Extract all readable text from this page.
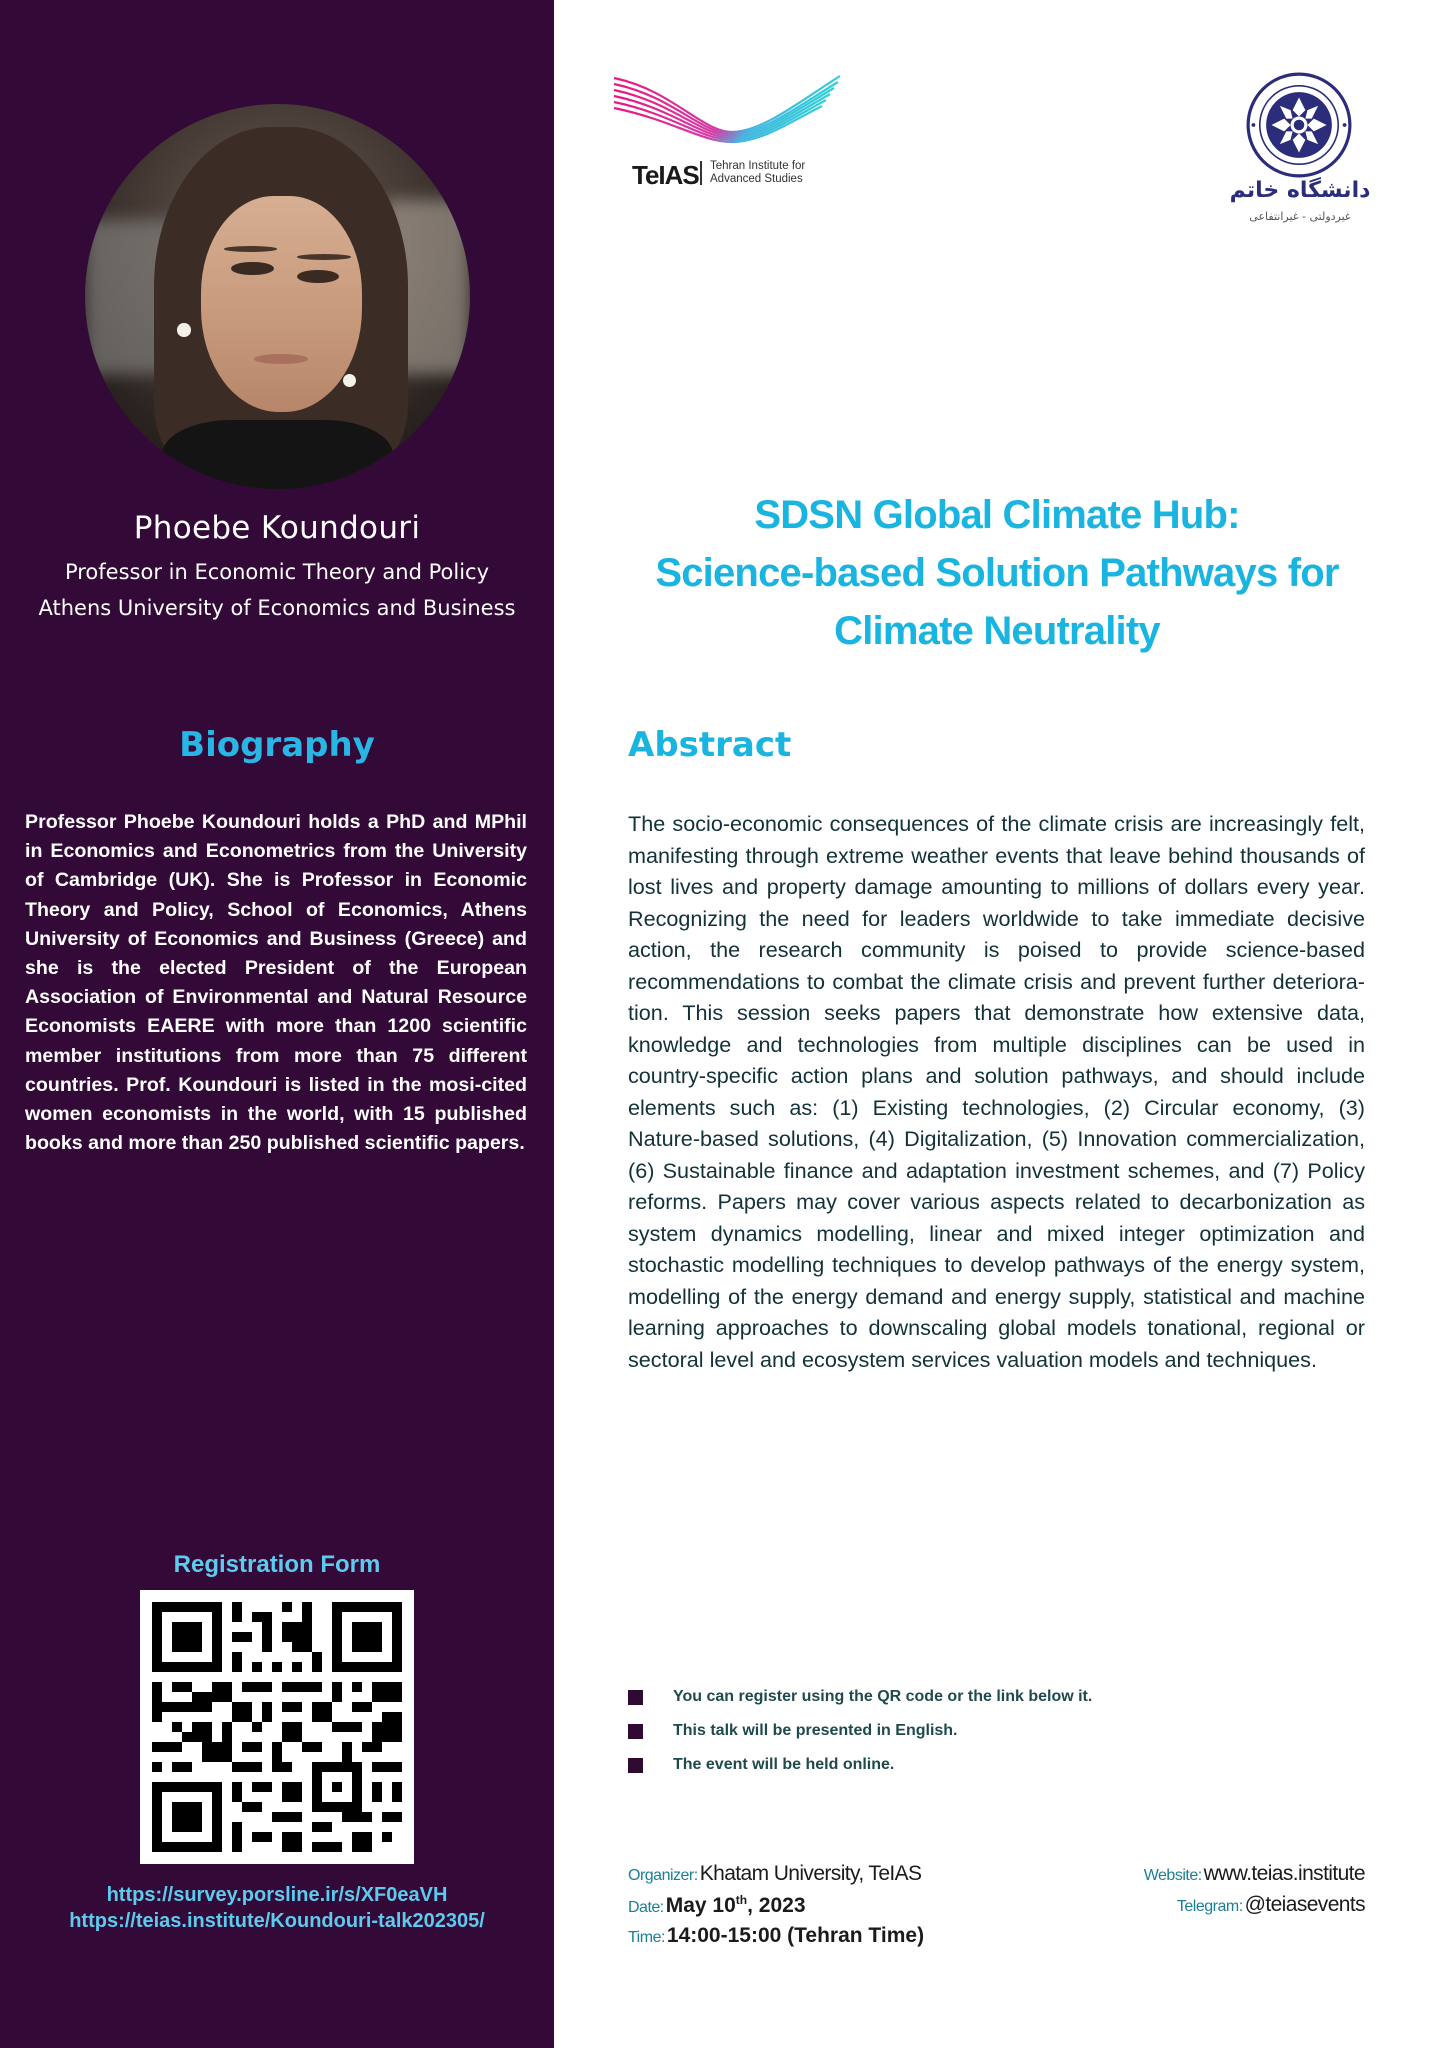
Phoebe Koundouri
Professor in Economic Theory and Policy
Athens University of Economics and Business
Biography

Professor Phoebe Koundouri holds a PhD and MPhil in Economics and Econometrics from the University of Cambridge (UK). She is Professor in Economic Theory and Policy, School of Economics, Athens University of Economics and Business (Greece) and she is the elected President of the European Association of Environmental and Natural Resource Economists EAERE with more than 1200 scientific member institutions from more than 75 different countries. Prof. Koundouri is listed in the mosi-cited women economists in the world, with 15 published books and more than 250 published scientific papers.

Registration Form
https://survey.porsline.ir/s/XF0eaVH
https://teias.institute/Koundouri-talk202305/
TeIAS Tehran Institute for
Advanced Studies	دانشگاه خاتم
غیردولتی - غیرانتفاعی
SDSN Global Climate Hub:
Science-based Solution Pathways for
Climate Neutrality
Abstract

The socio-economic consequences of the climate crisis are increasingly felt, manifesting through extreme weather events that leave behind thousands of lost lives and property damage amounting to millions of dollars every year. Recognizing the need for leaders worldwide to take immediate decisive action, the research community is poised to provide science-based recommendations to combat the climate crisis and prevent further deteriora-tion. This session seeks papers that demonstrate how extensive data, knowledge and technologies from multiple disciplines can be used in country-specific action plans and solution pathways, and should include elements such as: (1) Existing technologies, (2) Circular economy, (3) Nature-based solutions, (4) Digitalization, (5) Innovation commercialization, (6) Sustainable finance and adaptation investment schemes, and (7) Policy reforms. Papers may cover various aspects related to decarbonization as system dynamics modelling, linear and mixed integer optimization and stochastic modelling techniques to develop pathways of the energy system, modelling of the energy demand and energy supply, statistical and machine learning approaches to downscaling global models tonational, regional or sectoral level and ecosystem services valuation models and techniques.

You can register using the QR code or the link below it.
This talk will be presented in English.
The event will be held online.
Organizer:Khatam University, TeIAS
Date:May 10th, 2023
Time:14:00-15:00 (Tehran Time)
Website:www.teias.institute
Telegram:@teiasevents
